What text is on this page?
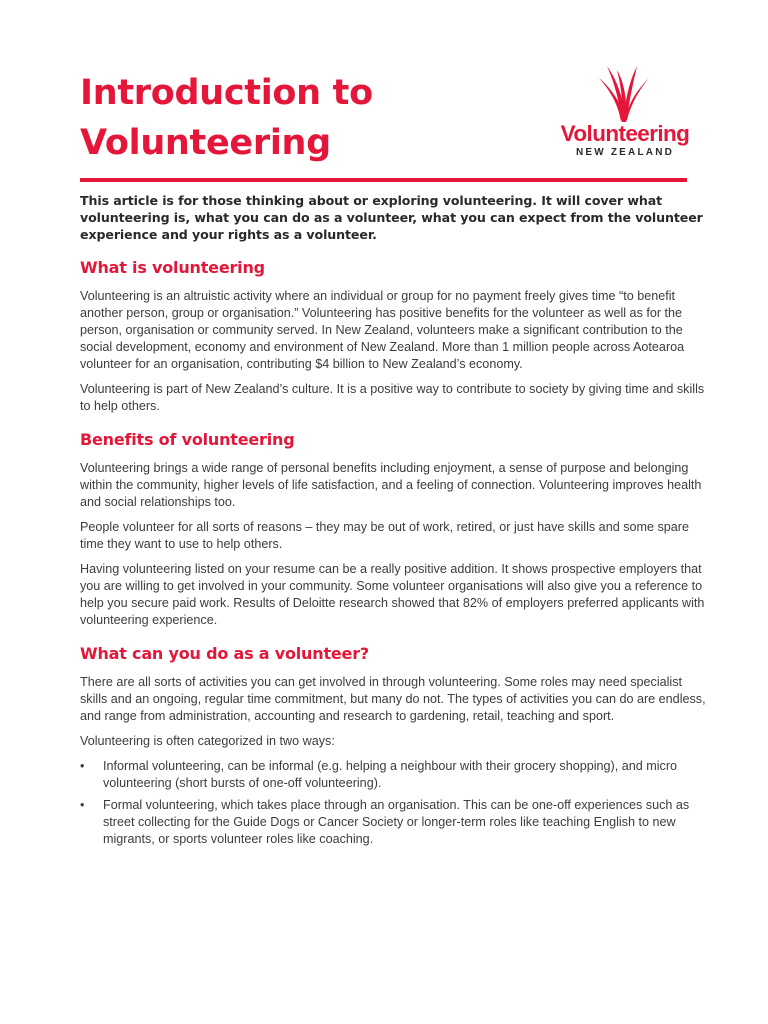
Introduction to
Volunteering	Volunteering
NEW ZEALAND

This article is for those thinking about or exploring volunteering. It will cover what volunteering is, what you can do as a volunteer, what you can expect from the volunteer experience and your rights as a volunteer.

What is volunteering

Volunteering is an altruistic activity where an individual or group for no payment freely gives time “to benefit another person, group or organisation.” Volunteering has positive benefits for the volunteer as well as for the person, organisation or community served. In New Zealand, volunteers make a significant contribution to the social development, economy and environment of New Zealand. More than 1 million people across Aotearoa volunteer for an organisation, contributing $4 billion to New Zealand’s economy.

Volunteering is part of New Zealand’s culture. It is a positive way to contribute to society by giving time and skills to help others.

Benefits of volunteering

Volunteering brings a wide range of personal benefits including enjoyment, a sense of purpose and belonging within the community, higher levels of life satisfaction, and a feeling of connection. Volunteering improves health and social relationships too.

People volunteer for all sorts of reasons – they may be out of work, retired, or just have skills and some spare time they want to use to help others.

Having volunteering listed on your resume can be a really positive addition. It shows prospective employers that you are willing to get involved in your community. Some volunteer organisations will also give you a reference to help you secure paid work. Results of Deloitte research showed that 82% of employers preferred applicants with volunteering experience.

What can you do as a volunteer?

There are all sorts of activities you can get involved in through volunteering. Some roles may need specialist skills and an ongoing, regular time commitment, but many do not. The types of activities you can do are endless, and range from administration, accounting and research to gardening, retail, teaching and sport.

Volunteering is often categorized in two ways:

• Informal volunteering, can be informal (e.g. helping a neighbour with their grocery shopping), and micro volunteering (short bursts of one-off volunteering).
• Formal volunteering, which takes place through an organisation. This can be one-off experiences such as street collecting for the Guide Dogs or Cancer Society or longer-term roles like teaching English to new migrants, or sports volunteer roles like coaching.
